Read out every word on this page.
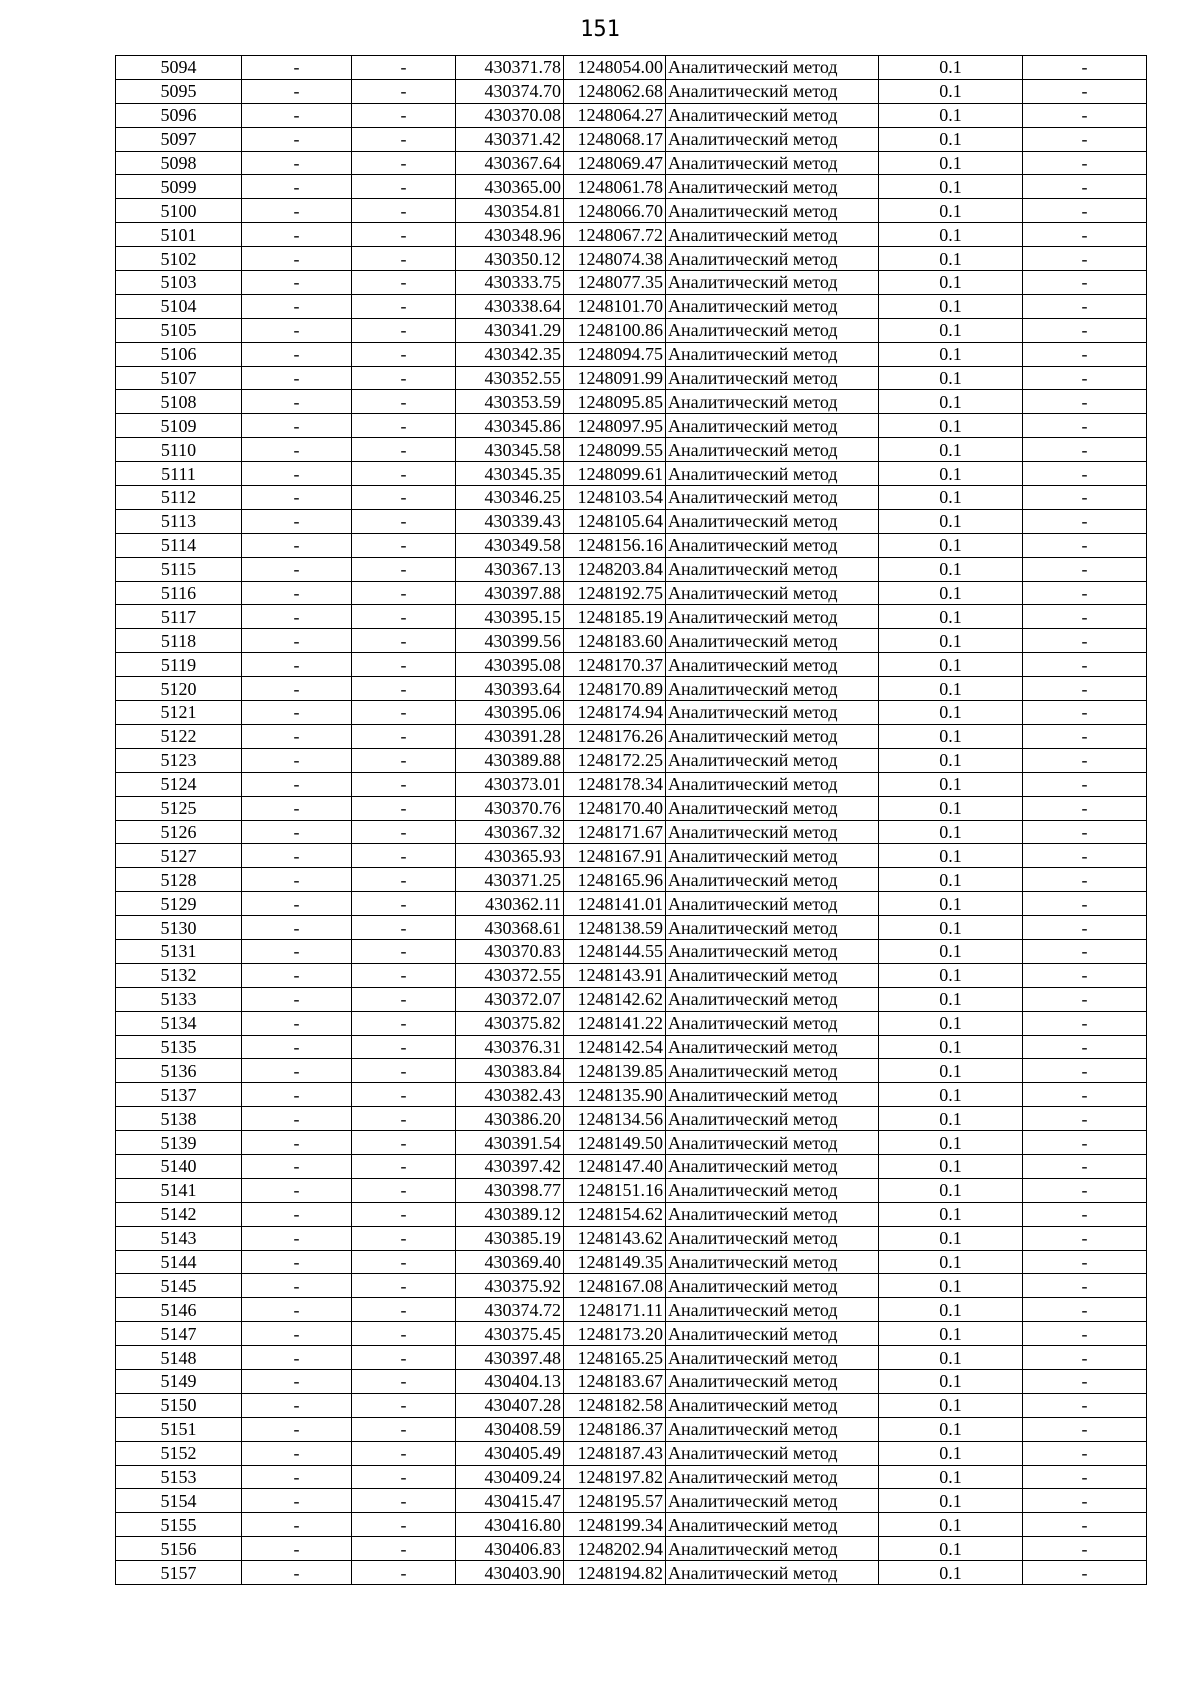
151
5094	-	-	430371.78	1248054.00	Аналитический метод	0.1	-
5095	-	-	430374.70	1248062.68	Аналитический метод	0.1	-
5096	-	-	430370.08	1248064.27	Аналитический метод	0.1	-
5097	-	-	430371.42	1248068.17	Аналитический метод	0.1	-
5098	-	-	430367.64	1248069.47	Аналитический метод	0.1	-
5099	-	-	430365.00	1248061.78	Аналитический метод	0.1	-
5100	-	-	430354.81	1248066.70	Аналитический метод	0.1	-
5101	-	-	430348.96	1248067.72	Аналитический метод	0.1	-
5102	-	-	430350.12	1248074.38	Аналитический метод	0.1	-
5103	-	-	430333.75	1248077.35	Аналитический метод	0.1	-
5104	-	-	430338.64	1248101.70	Аналитический метод	0.1	-
5105	-	-	430341.29	1248100.86	Аналитический метод	0.1	-
5106	-	-	430342.35	1248094.75	Аналитический метод	0.1	-
5107	-	-	430352.55	1248091.99	Аналитический метод	0.1	-
5108	-	-	430353.59	1248095.85	Аналитический метод	0.1	-
5109	-	-	430345.86	1248097.95	Аналитический метод	0.1	-
5110	-	-	430345.58	1248099.55	Аналитический метод	0.1	-
5111	-	-	430345.35	1248099.61	Аналитический метод	0.1	-
5112	-	-	430346.25	1248103.54	Аналитический метод	0.1	-
5113	-	-	430339.43	1248105.64	Аналитический метод	0.1	-
5114	-	-	430349.58	1248156.16	Аналитический метод	0.1	-
5115	-	-	430367.13	1248203.84	Аналитический метод	0.1	-
5116	-	-	430397.88	1248192.75	Аналитический метод	0.1	-
5117	-	-	430395.15	1248185.19	Аналитический метод	0.1	-
5118	-	-	430399.56	1248183.60	Аналитический метод	0.1	-
5119	-	-	430395.08	1248170.37	Аналитический метод	0.1	-
5120	-	-	430393.64	1248170.89	Аналитический метод	0.1	-
5121	-	-	430395.06	1248174.94	Аналитический метод	0.1	-
5122	-	-	430391.28	1248176.26	Аналитический метод	0.1	-
5123	-	-	430389.88	1248172.25	Аналитический метод	0.1	-
5124	-	-	430373.01	1248178.34	Аналитический метод	0.1	-
5125	-	-	430370.76	1248170.40	Аналитический метод	0.1	-
5126	-	-	430367.32	1248171.67	Аналитический метод	0.1	-
5127	-	-	430365.93	1248167.91	Аналитический метод	0.1	-
5128	-	-	430371.25	1248165.96	Аналитический метод	0.1	-
5129	-	-	430362.11	1248141.01	Аналитический метод	0.1	-
5130	-	-	430368.61	1248138.59	Аналитический метод	0.1	-
5131	-	-	430370.83	1248144.55	Аналитический метод	0.1	-
5132	-	-	430372.55	1248143.91	Аналитический метод	0.1	-
5133	-	-	430372.07	1248142.62	Аналитический метод	0.1	-
5134	-	-	430375.82	1248141.22	Аналитический метод	0.1	-
5135	-	-	430376.31	1248142.54	Аналитический метод	0.1	-
5136	-	-	430383.84	1248139.85	Аналитический метод	0.1	-
5137	-	-	430382.43	1248135.90	Аналитический метод	0.1	-
5138	-	-	430386.20	1248134.56	Аналитический метод	0.1	-
5139	-	-	430391.54	1248149.50	Аналитический метод	0.1	-
5140	-	-	430397.42	1248147.40	Аналитический метод	0.1	-
5141	-	-	430398.77	1248151.16	Аналитический метод	0.1	-
5142	-	-	430389.12	1248154.62	Аналитический метод	0.1	-
5143	-	-	430385.19	1248143.62	Аналитический метод	0.1	-
5144	-	-	430369.40	1248149.35	Аналитический метод	0.1	-
5145	-	-	430375.92	1248167.08	Аналитический метод	0.1	-
5146	-	-	430374.72	1248171.11	Аналитический метод	0.1	-
5147	-	-	430375.45	1248173.20	Аналитический метод	0.1	-
5148	-	-	430397.48	1248165.25	Аналитический метод	0.1	-
5149	-	-	430404.13	1248183.67	Аналитический метод	0.1	-
5150	-	-	430407.28	1248182.58	Аналитический метод	0.1	-
5151	-	-	430408.59	1248186.37	Аналитический метод	0.1	-
5152	-	-	430405.49	1248187.43	Аналитический метод	0.1	-
5153	-	-	430409.24	1248197.82	Аналитический метод	0.1	-
5154	-	-	430415.47	1248195.57	Аналитический метод	0.1	-
5155	-	-	430416.80	1248199.34	Аналитический метод	0.1	-
5156	-	-	430406.83	1248202.94	Аналитический метод	0.1	-
5157	-	-	430403.90	1248194.82	Аналитический метод	0.1	-
